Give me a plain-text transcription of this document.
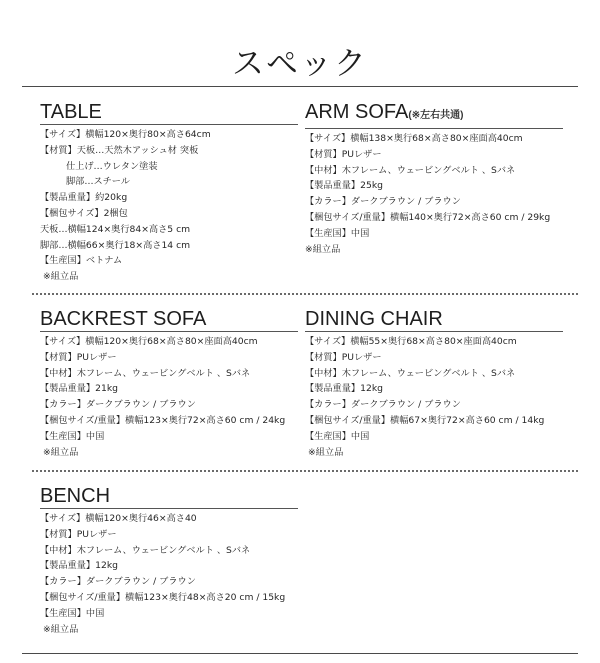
スペック
TABLE
【サイズ】横幅120×奥行80×高さ64cm
【材質】天板…天然木アッシュ材 突板
仕上げ…ウレタン塗装
脚部…スチール
【製品重量】約20kg
【梱包サイズ】2梱包
天板…横幅124×奥行84×高さ5 cm
脚部…横幅66×奥行18×高さ14 cm
【生産国】ベトナム
※組立品
ARM SOFA(※左右共通)
【サイズ】横幅138×奥行68×高さ80×座面高40cm
【材質】PUレザー
【中材】木フレーム、ウェービングベルト 、Sバネ
【製品重量】25kg
【カラー】ダークブラウン / ブラウン
【梱包サイズ/重量】横幅140×奥行72×高さ60 cm / 29kg
【生産国】中国
※組立品
BACKREST SOFA
【サイズ】横幅120×奥行68×高さ80×座面高40cm
【材質】PUレザー
【中材】木フレーム、ウェービングベルト 、Sバネ
【製品重量】21kg
【カラー】ダークブラウン / ブラウン
【梱包サイズ/重量】横幅123×奥行72×高さ60 cm / 24kg
【生産国】中国
※組立品
DINING CHAIR
【サイズ】横幅55×奥行68×高さ80×座面高40cm
【材質】PUレザー
【中材】木フレーム、ウェービングベルト 、Sバネ
【製品重量】12kg
【カラー】ダークブラウン / ブラウン
【梱包サイズ/重量】横幅67×奥行72×高さ60 cm / 14kg
【生産国】中国
※組立品
BENCH
【サイズ】横幅120×奥行46×高さ40
【材質】PUレザー
【中材】木フレーム、ウェービングベルト 、Sバネ
【製品重量】12kg
【カラー】ダークブラウン / ブラウン
【梱包サイズ/重量】横幅123×奥行48×高さ20 cm / 15kg
【生産国】中国
※組立品
